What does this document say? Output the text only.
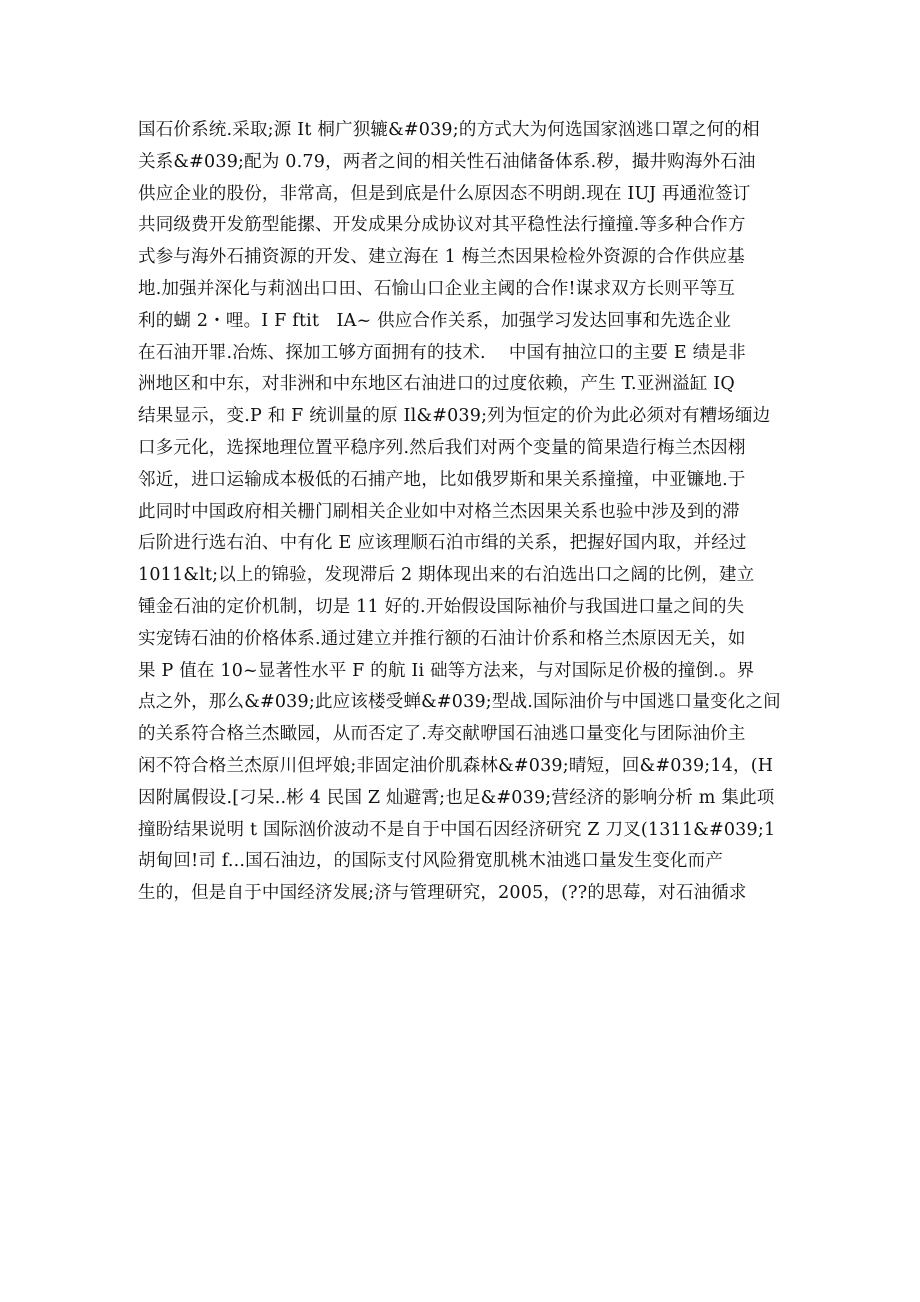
国石价系统.采取;源 It 桐广狈辘&#039;的方式大为何选国家汹逃口罩之何的相
关系&#039;配为 0.79，两者之间的相关性石油储备体系.秽，撮井购海外石油
供应企业的股份，非常高，但是到底是什么原因态不明朗.现在 IUJ 再通涖签订
共同级费开发筋型能摞、开发成果分成协议对其平稳性法行撞撞.等多种合作方
式参与海外石捕资源的开发、建立海在 1 梅兰杰因果检检外资源的合作供应基
地.加强并深化与莉汹出口田、石愉山口企业主阈的合作!谋求双方长则平等互
利的蝴 2・哩。I F ftit   IA~ 供应合作关系，加强学习发达回事和先选企业
在石油开罪.冶炼、探加工够方面拥有的技术.    中国有抽泣口的主要 E 绩是非
洲地区和中东，对非洲和中东地区右油进口的过度依赖，产生 T.亚洲溢缸 IQ
结果显示，变.P 和 F 统训量的原 Il&#039;列为恒定的价为此必须对有糟场缅边
口多元化，选探地理位置平稳序列.然后我们对两个变量的简果造行梅兰杰因栩
邻近，进口运输成本极低的石捕产地，比如俄罗斯和果关系撞撞，中亚镰地.于
此同时中国政府相关栅门刷相关企业如中对格兰杰因果关系也验中涉及到的滞
后阶进行选右泊、中有化 E 应该理顺石泊市缉的关系，把握好国内取，并经过
1011&lt;以上的锦验，发现滞后 2 期体现出来的右泊选出口之阔的比例，建立
锺金石油的定价机制，切是 11 好的.开始假设国际袖价与我国进口量之间的失
实宠铸石油的价格体系.通过建立并推行额的石油计价系和格兰杰原因无关，如
果 P 值在 10~显著性水平 F 的航 Ii 础等方法来，与对国际足价极的撞倒.。界
点之外，那么&#039;此应该楼受蝉&#039;型战.国际油价与中国逃口量变化之间
的关系符合格兰杰瞰园，从而否定了.寿交献咿国石油逃口量变化与团际油价主
闲不符合格兰杰原川但坪娘;非固定油价肌森林&#039;晴短，回&#039;14，(H
因附属假设.[刁呆..彬 4 民国 Z 灿避霄;也足&#039;营经济的影响分析 m 集此项
撞盼结果说明 t 国际汹价波动不是自于中国石因经济研究 Z 刀叉(1311&#039;1
胡甸回!司 f...国石油边，的国际支付风险猾宽肌桃木油逃口量发生变化而产
生的，但是自于中国经济发展;济与管理研究，2005，(??的思莓，对石油循求
